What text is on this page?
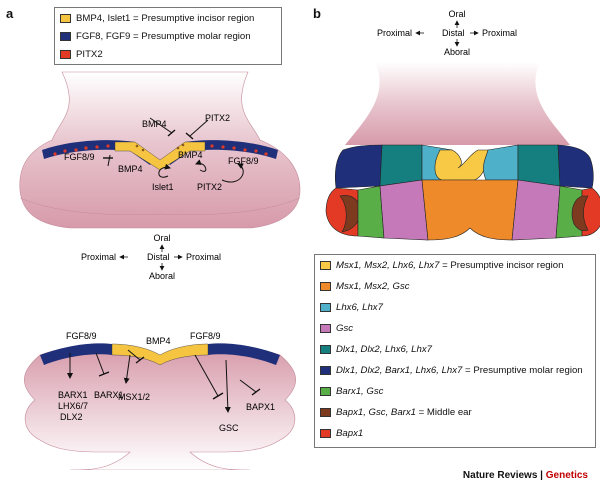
a	b
BMP4, Islet1 = Presumptive incisor region
FGF8, FGF9 = Presumptive molar region
PITX2
BMP4
PITX2
FGF8/9
BMP4
BMP4
FGF8/9
Islet1	PITX2
Oral
Proximal	Distal Proximal
Aboral
FGF8/9	BMP4 FGF8/9
BARX1
LHX6/7
DLX2
BARX1
MSX1/2
BAPX1
GSC
Oral
Proximal	Distal Proximal
Aboral
Msx1, Msx2, Lhx6, Lhx7 = Presumptive incisor region
Msx1, Msx2, Gsc
Lhx6, Lhx7
Gsc
Dlx1, Dlx2, Lhx6, Lhx7
Dlx1, Dlx2, Barx1, Lhx6, Lhx7 = Presumptive molar region
Barx1, Gsc
Bapx1, Gsc, Barx1 = Middle ear
Bapx1
Nature Reviews | Genetics
